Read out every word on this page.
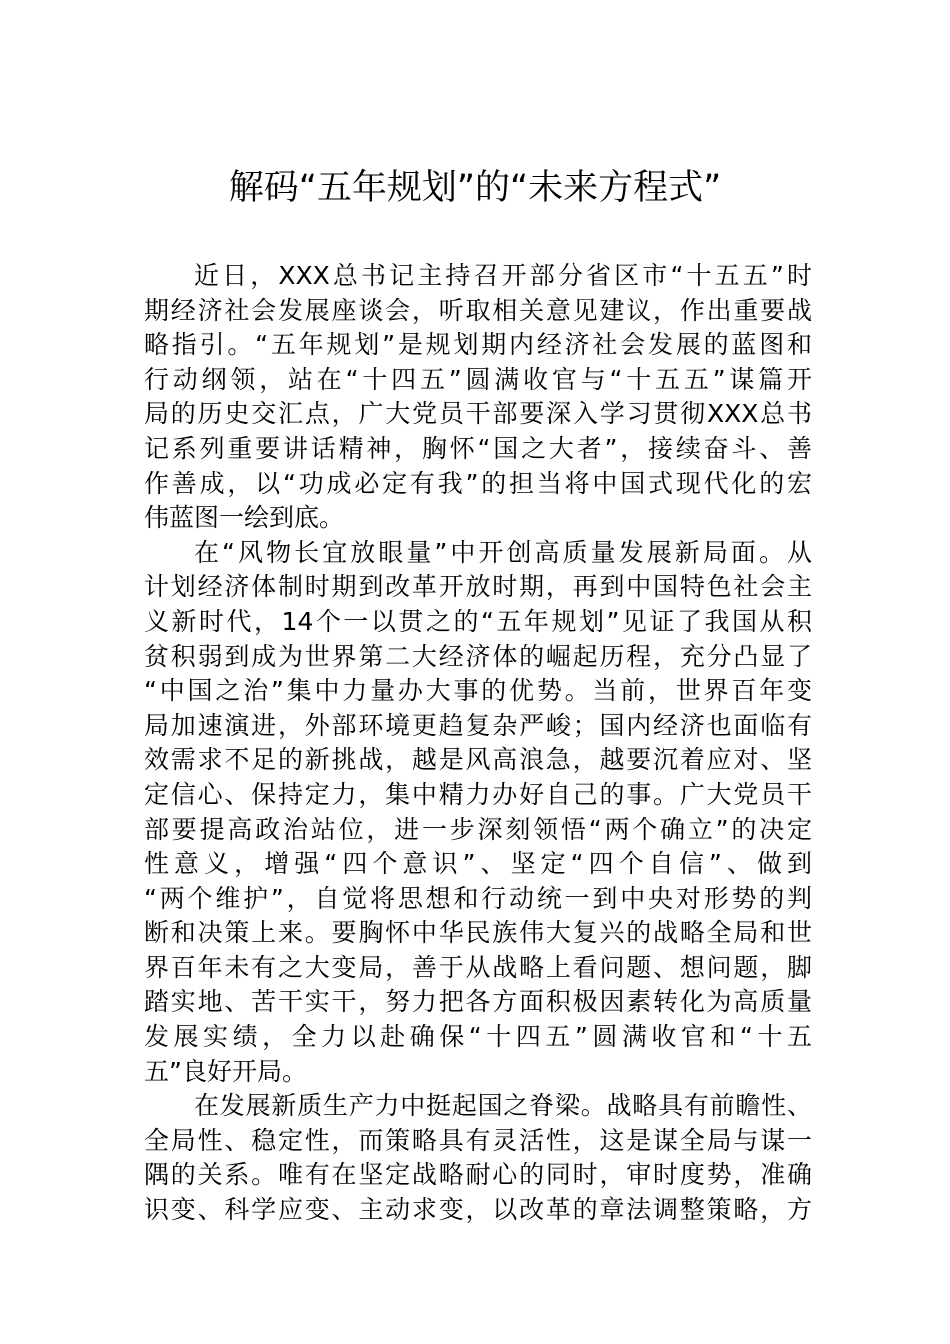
解码“五年规划”的“未来方程式”
近日，XXX总书记主持召开部分省区市“十五五”时
期经济社会发展座谈会，听取相关意见建议，作出重要战
略指引。“五年规划”是规划期内经济社会发展的蓝图和
行动纲领，站在“十四五”圆满收官与“十五五”谋篇开
局的历史交汇点，广大党员干部要深入学习贯彻XXX总书
记系列重要讲话精神，胸怀“国之大者”，接续奋斗、善
作善成，以“功成必定有我”的担当将中国式现代化的宏
伟蓝图一绘到底。
在“风物长宜放眼量”中开创高质量发展新局面。从
计划经济体制时期到改革开放时期，再到中国特色社会主
义新时代，14个一以贯之的“五年规划”见证了我国从积
贫积弱到成为世界第二大经济体的崛起历程，充分凸显了
“中国之治”集中力量办大事的优势。当前，世界百年变
局加速演进，外部环境更趋复杂严峻；国内经济也面临有
效需求不足的新挑战，越是风高浪急，越要沉着应对、坚
定信心、保持定力，集中精力办好自己的事。广大党员干
部要提高政治站位，进一步深刻领悟“两个确立”的决定
性意义，增强“四个意识”、坚定“四个自信”、做到
“两个维护”，自觉将思想和行动统一到中央对形势的判
断和决策上来。要胸怀中华民族伟大复兴的战略全局和世
界百年未有之大变局，善于从战略上看问题、想问题，脚
踏实地、苦干实干，努力把各方面积极因素转化为高质量
发展实绩，全力以赴确保“十四五”圆满收官和“十五
五”良好开局。
在发展新质生产力中挺起国之脊梁。战略具有前瞻性、
全局性、稳定性，而策略具有灵活性，这是谋全局与谋一
隅的关系。唯有在坚定战略耐心的同时，审时度势，准确
识变、科学应变、主动求变，以改革的章法调整策略，方
